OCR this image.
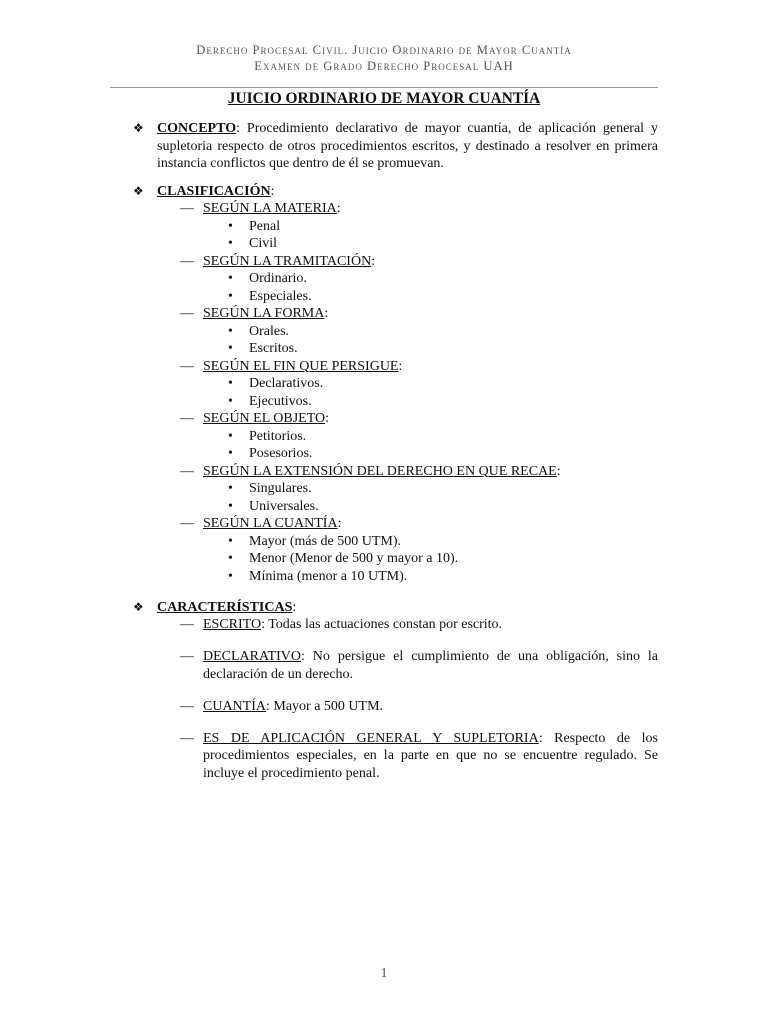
Derecho Procesal Civil. Juicio Ordinario de Mayor Cuantía
Examen de Grado Derecho Procesal UAH
JUICIO ORDINARIO DE MAYOR CUANTÍA
❖ CONCEPTO: Procedimiento declarativo de mayor cuantía, de aplicación general y supletoria respecto de otros procedimientos escritos, y destinado a resolver en primera instancia conflictos que dentro de él se promuevan.
❖ CLASIFICACIÓN:
— SEGÚN LA MATERIA:
• Penal
• Civil
— SEGÚN LA TRAMITACIÓN:
• Ordinario.
• Especiales.
— SEGÚN LA FORMA:
• Orales.
• Escritos.
— SEGÚN EL FIN QUE PERSIGUE:
• Declarativos.
• Ejecutivos.
— SEGÚN EL OBJETO:
• Petitorios.
• Posesorios.
— SEGÚN LA EXTENSIÓN DEL DERECHO EN QUE RECAE:
• Singulares.
• Universales.
— SEGÚN LA CUANTÍA:
• Mayor (más de 500 UTM).
• Menor (Menor de 500 y mayor a 10).
• Mínima (menor a 10 UTM).
❖ CARACTERÍSTICAS:
— ESCRITO: Todas las actuaciones constan por escrito.
— DECLARATIVO: No persigue el cumplimiento de una obligación, sino la declaración de un derecho.
— CUANTÍA: Mayor a 500 UTM.
— ES DE APLICACIÓN GENERAL Y SUPLETORIA: Respecto de los procedimientos especiales, en la parte en que no se encuentre regulado. Se incluye el procedimiento penal.
1
